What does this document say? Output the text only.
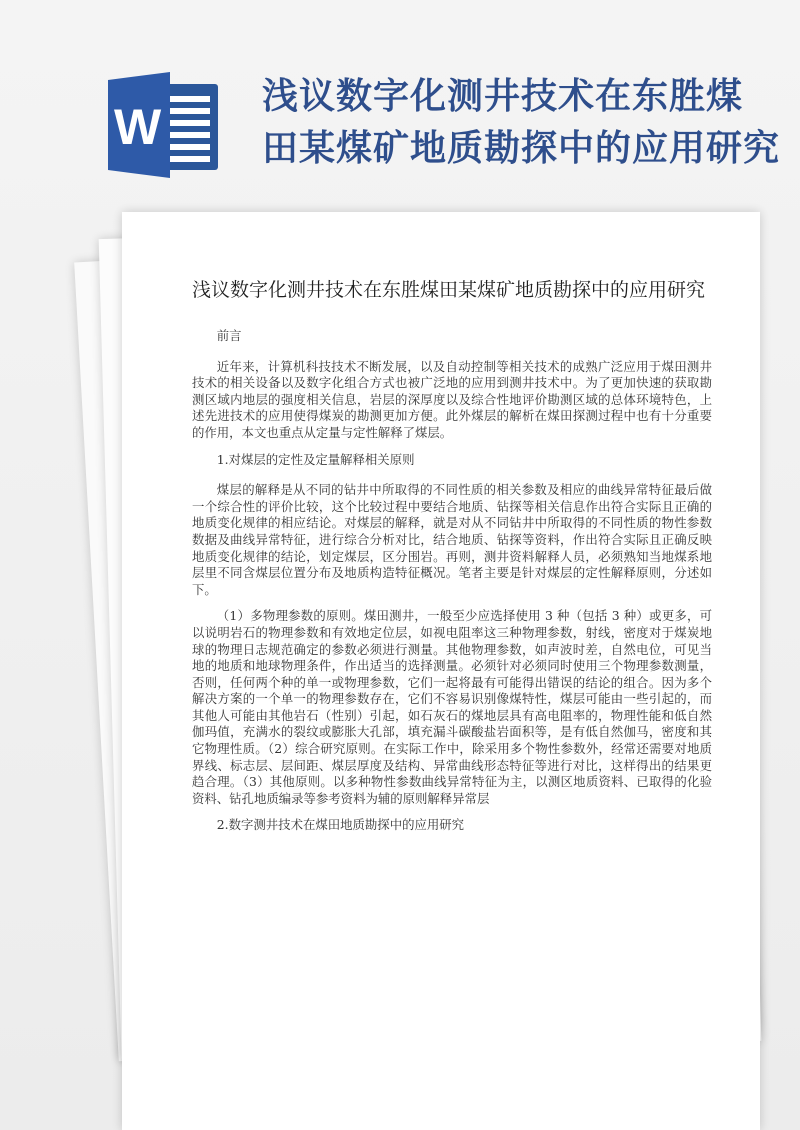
W
浅议数字化测井技术在东胜煤
田某煤矿地质勘探中的应用研究
浅议数字化测井技术在东胜煤田某煤矿地质勘探中的应用研究

前言

近年来，计算机科技技术不断发展，以及自动控制等相关技术的成熟广泛应用于煤田测井技术的相关设备以及数字化组合方式也被广泛地的应用到测井技术中。为了更加快速的获取勘测区域内地层的强度相关信息，岩层的深厚度以及综合性地评价勘测区域的总体环境特色，上述先进技术的应用使得煤炭的勘测更加方便。此外煤层的解析在煤田探测过程中也有十分重要的作用，本文也重点从定量与定性解释了煤层。

1.对煤层的定性及定量解释相关原则

煤层的解释是从不同的钻井中所取得的不同性质的相关参数及相应的曲线异常特征最后做一个综合性的评价比较，这个比较过程中要结合地质、钻探等相关信息作出符合实际且正确的地质变化规律的相应结论。对煤层的解释，就是对从不同钻井中所取得的不同性质的物性参数数据及曲线异常特征，进行综合分析对比，结合地质、钻探等资料，作出符合实际且正确反映地质变化规律的结论，划定煤层，区分围岩。再则，测井资料解释人员，必须熟知当地煤系地层里不同含煤层位置分布及地质构造特征概况。笔者主要是针对煤层的定性解释原则，分述如下。

（1）多物理参数的原则。煤田测井，一般至少应选择使用 3 种（包括 3 种）或更多，可以说明岩石的物理参数和有效地定位层，如视电阻率这三种物理参数，射线，密度对于煤炭地球的物理日志规范确定的参数必须进行测量。其他物理参数，如声波时差，自然电位，可见当地的地质和地球物理条件，作出适当的选择测量。必须针对必须同时使用三个物理参数测量，否则，任何两个种的单一或物理参数，它们一起将最有可能得出错误的结论的组合。因为多个解决方案的一个单一的物理参数存在，它们不容易识别像煤特性，煤层可能由一些引起的，而其他人可能由其他岩石（性别）引起，如石灰石的煤地层具有高电阻率的，物理性能和低自然伽玛值，充满水的裂纹或膨胀大孔部，填充漏斗碳酸盐岩面积等，是有低自然伽马，密度和其它物理性质。（2）综合研究原则。在实际工作中，除采用多个物性参数外，经常还需要对地质界线、标志层、层间距、煤层厚度及结构、异常曲线形态特征等进行对比，这样得出的结果更趋合理。（3）其他原则。以多种物性参数曲线异常特征为主，以测区地质资料、已取得的化验资料、钻孔地质编录等参考资料为辅的原则解释异常层

2.数字测井技术在煤田地质勘探中的应用研究
